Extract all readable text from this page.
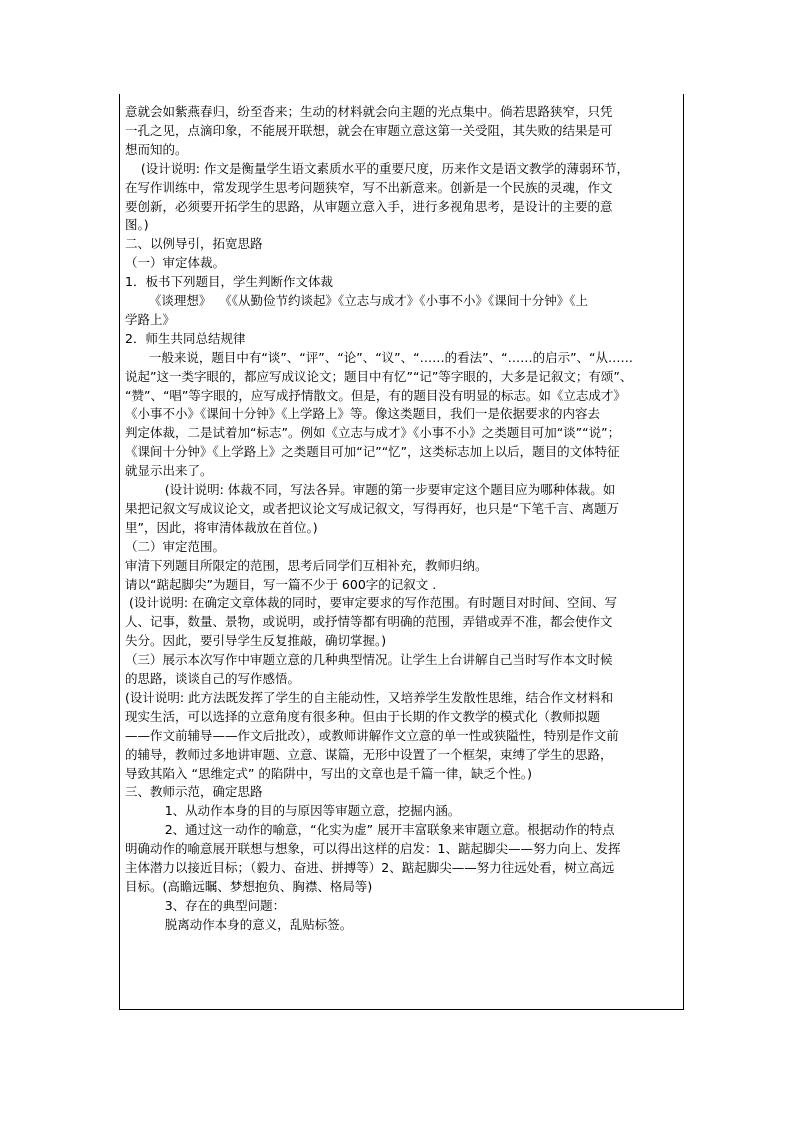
意就会如紫燕春归，纷至沓来；生动的材料就会向主题的光点集中。倘若思路狭窄，只凭
一孔之见，点滴印象，不能展开联想，就会在审题立意这第一关受阻，其失败的结果是可
想而知的。
(设计说明: 作文是衡量学生语文素质水平的重要尺度，历来作文是语文教学的薄弱环节，
在写作训练中，常发现学生思考问题狭窄，写不出新意来。创新是一个民族的灵魂，作文
要创新，必须要开拓学生的思路，从审题立意入手，进行多视角思考，是设计的主要的意
图。)
二、以例导引，拓宽思路
（一）审定体裁。
1．板书下列题目，学生判断作文体裁
《谈理想》  《《从勤俭节约谈起》《立志与成才》《小事不小》《课间十分钟》《上
学路上》
2．师生共同总结规律
一般来说，题目中有“谈”、“评”、“论”、“议”、“……的看法”、“……的启示”、“从……
说起”这一类字眼的，都应写成议论文；题目中有忆”“记”等字眼的，大多是记叙文；有颂”、
“赞”、“唱”等字眼的，应写成抒情散文。但是，有的题目没有明显的标志。如《立志成才》
《小事不小》《课间十分钟》《上学路上》等。像这类题目，我们一是依据要求的内容去
判定体裁，二是试着加“标志”。例如《立志与成才》《小事不小》之类题目可加“谈”“说”；
《课间十分钟》《上学路上》之类题目可加“记”“忆”，这类标志加上以后，题目的文体特征
就显示出来了。
(设计说明: 体裁不同，写法各异。审题的第一步要审定这个题目应为哪种体裁。如
果把记叙文写成议论文，或者把议论文写成记叙文，写得再好，也只是“下笔千言、离题万
里”，因此，将审清体裁放在首位。)
（二）审定范围。
审清下列题目所限定的范围，思考后同学们互相补充，教师归纳。
请以“踮起脚尖”为题目，写一篇不少于 600字的记叙文 .
(设计说明: 在确定文章体裁的同时，要审定要求的写作范围。有时题目对时间、空间、写
人、记事，数量、景物，或说明，或抒情等都有明确的范围，弄错或弄不准，都会使作文
失分。因此，要引导学生反复推敲，确切掌握。)
（三）展示本次写作中审题立意的几种典型情况。让学生上台讲解自己当时写作本文时候
的思路，谈谈自己的写作感悟。
(设计说明: 此方法既发挥了学生的自主能动性，又培养学生发散性思维，结合作文材料和
现实生活，可以选择的立意角度有很多种。但由于长期的作文教学的模式化（教师拟题
——作文前辅导——作文后批改），或教师讲解作文立意的单一性或狭隘性，特别是作文前
的辅导，教师过多地讲审题、立意、谋篇，无形中设置了一个框架，束缚了学生的思路，
导致其陷入 “思维定式” 的陷阱中，写出的文章也是千篇一律，缺乏个性。)
三、教师示范，确定思路
1、从动作本身的目的与原因等审题立意，挖掘内涵。
2、通过这一动作的喻意，“化实为虚” 展开丰富联象来审题立意。根据动作的特点
明确动作的喻意展开联想与想象，可以得出这样的启发：1、踮起脚尖——努力向上、发挥
主体潜力以接近目标；（毅力、奋进、拼搏等）2、踮起脚尖——努力往远处看，树立高远
目标。(高瞻远瞩、梦想抱负、胸襟、格局等)
3、存在的典型问题：
脱离动作本身的意义，乱贴标签。
